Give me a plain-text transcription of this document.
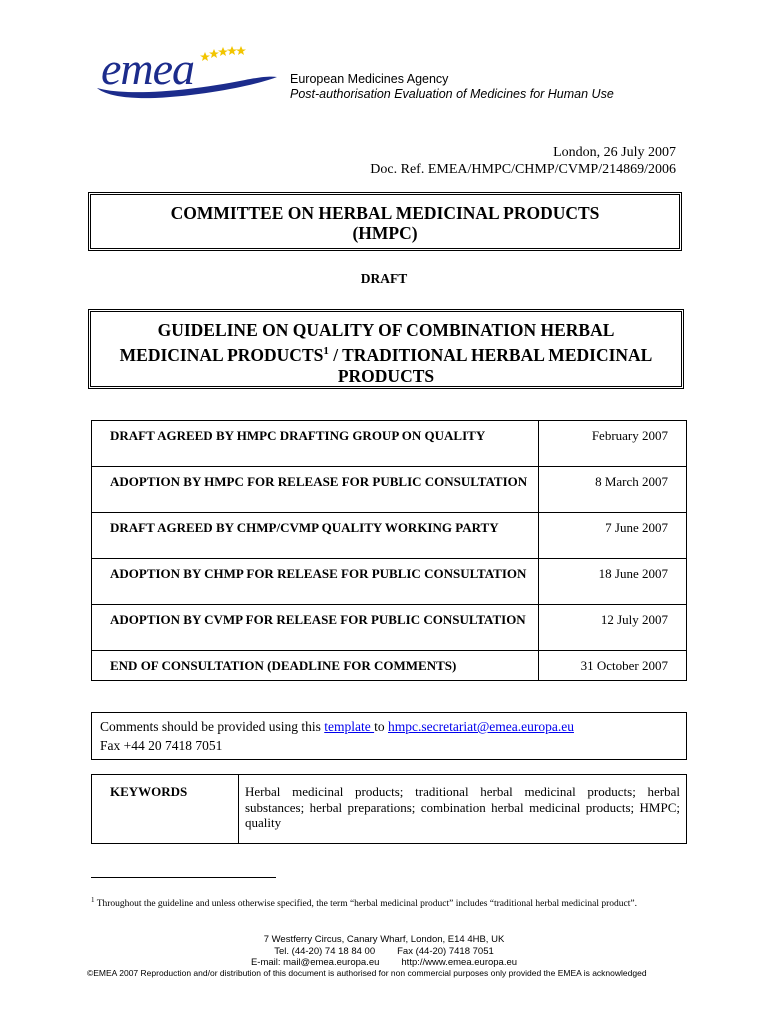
emea	European Medicines Agency
Post-authorisation Evaluation of Medicines for Human Use
London, 26 July 2007
Doc. Ref. EMEA/HMPC/CHMP/CVMP/214869/2006
COMMITTEE ON HERBAL MEDICINAL PRODUCTS
(HMPC)
DRAFT
GUIDELINE ON QUALITY OF COMBINATION HERBAL
MEDICINAL PRODUCTS$^1$ / TRADITIONAL HERBAL MEDICINAL
PRODUCTS
DRAFT AGREED BY HMPC DRAFTING GROUP ON QUALITY	February 2007
ADOPTION BY HMPC FOR RELEASE FOR PUBLIC CONSULTATION	8 March 2007
DRAFT AGREED BY CHMP/CVMP QUALITY WORKING PARTY	7 June 2007
ADOPTION BY CHMP FOR RELEASE FOR PUBLIC CONSULTATION	18 June 2007
ADOPTION BY CVMP FOR RELEASE FOR PUBLIC CONSULTATION	12 July 2007
END OF CONSULTATION (DEADLINE FOR COMMENTS)	31 October 2007
Comments should be provided using this template to hmpc.secretariat@emea.europa.eu
Fax +44 20 7418 7051
KEYWORDS	Herbal medicinal products; traditional herbal medicinal products; herbal substances; herbal preparations; combination herbal medicinal products; HMPC; quality
$^1$ Throughout the guideline and unless otherwise specified, the term “herbal medicinal product” includes “traditional herbal medicinal product”.
7 Westferry Circus, Canary Wharf, London, E14 4HB, UK
Tel. (44-20) 74 18 84 00 Fax (44-20) 7418 7051
E-mail: mail@emea.europa.eu http://www.emea.europa.eu
©EMEA 2007 Reproduction and/or distribution of this document is authorised for non commercial purposes only provided the EMEA is acknowledged
